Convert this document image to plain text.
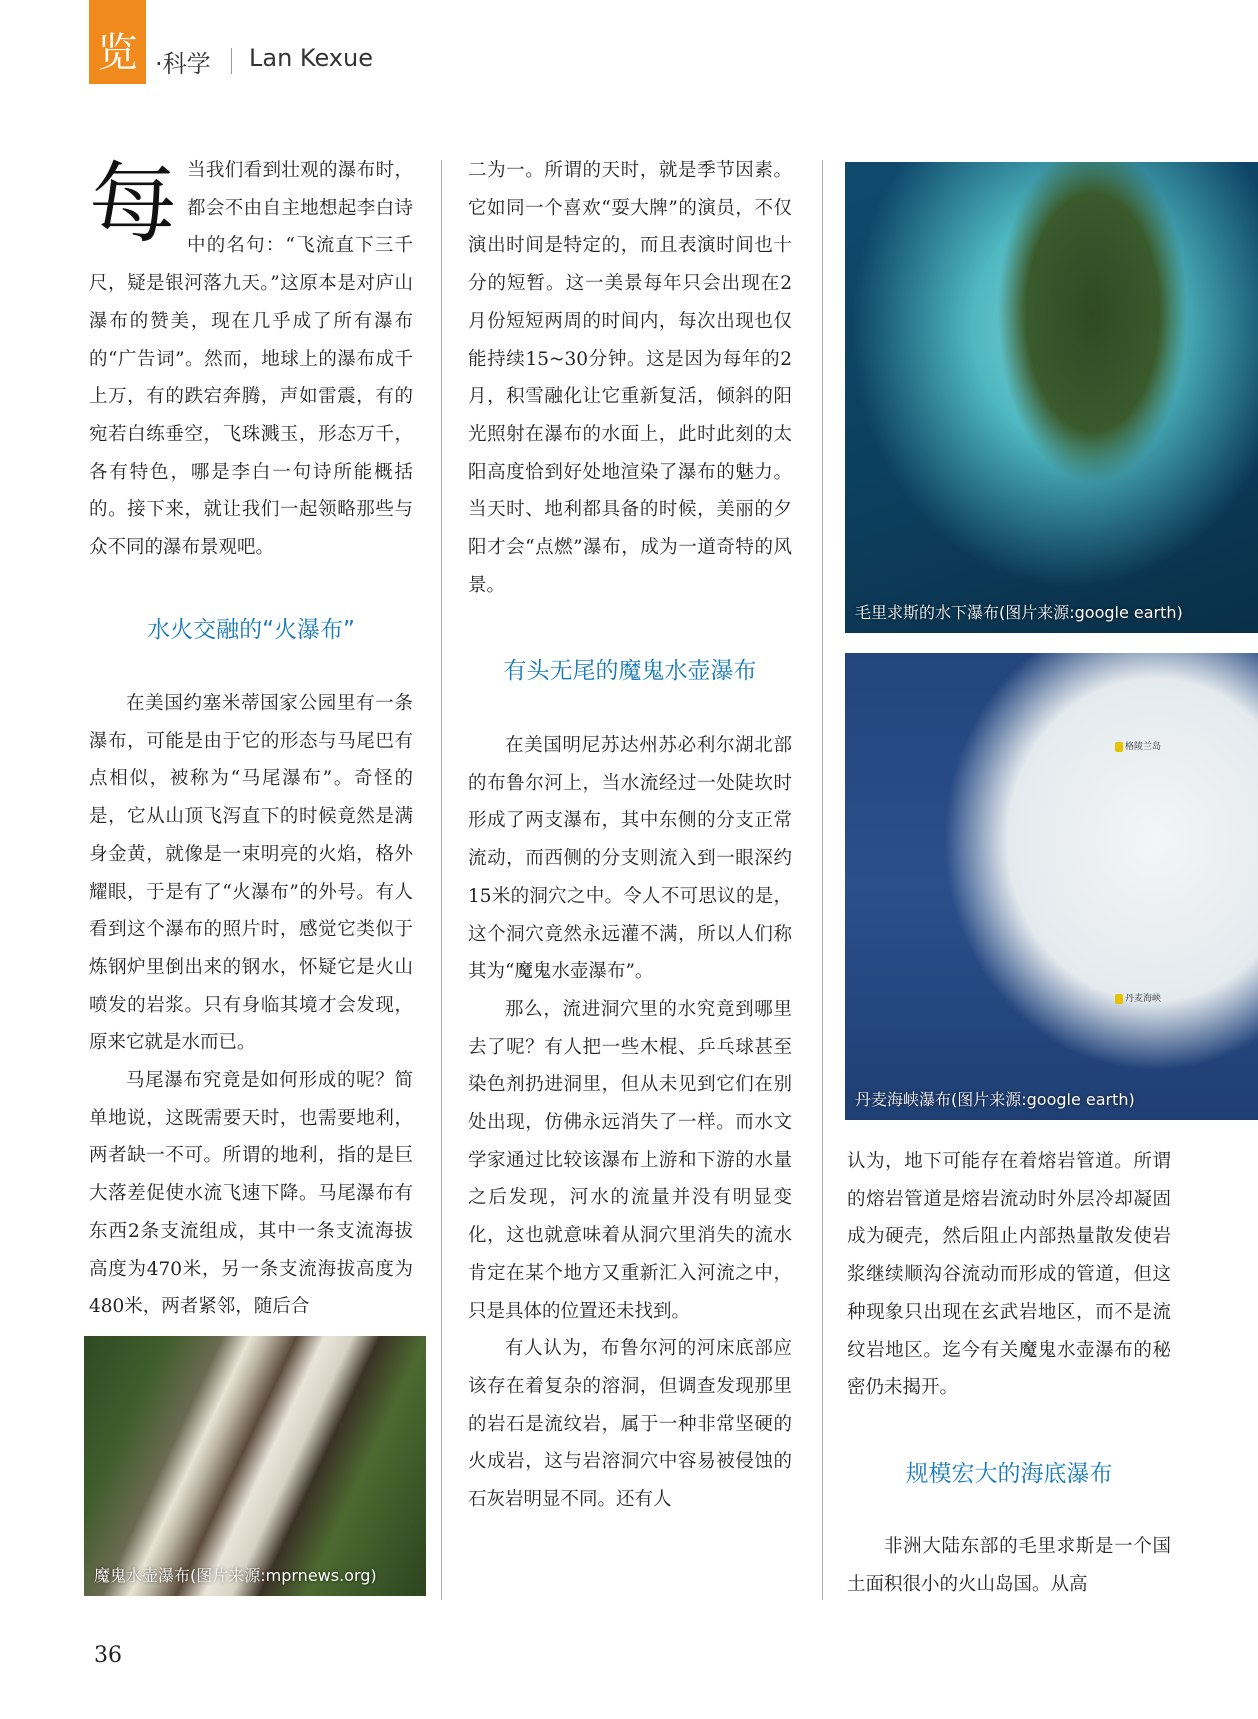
览 ·科学 Lan Kexue
每 当我们看到壮观的瀑布时，都会不由自主地想起李白诗中的名句：“飞流直下三千尺，疑是银河落九天。”这原本是对庐山瀑布的赞美，现在几乎成了所有瀑布的“广告词”。然而，地球上的瀑布成千上万，有的跌宕奔腾，声如雷震，有的宛若白练垂空，飞珠溅玉，形态万千，各有特色，哪是李白一句诗所能概括的。接下来，就让我们一起领略那些与众不同的瀑布景观吧。

水火交融的“火瀑布”

在美国约塞米蒂国家公园里有一条瀑布，可能是由于它的形态与马尾巴有点相似，被称为“马尾瀑布”。奇怪的是，它从山顶飞泻直下的时候竟然是满身金黄，就像是一束明亮的火焰，格外耀眼，于是有了“火瀑布”的外号。有人看到这个瀑布的照片时，感觉它类似于炼钢炉里倒出来的钢水，怀疑它是火山喷发的岩浆。只有身临其境才会发现，原来它就是水而已。

马尾瀑布究竟是如何形成的呢？简单地说，这既需要天时，也需要地利，两者缺一不可。所谓的地利，指的是巨大落差促使水流飞速下降。马尾瀑布有东西2条支流组成，其中一条支流海拔高度为470米，另一条支流海拔高度为480米，两者紧邻，随后合

魔鬼水壶瀑布(图片来源:mprnews.org)

二为一。所谓的天时，就是季节因素。它如同一个喜欢“耍大牌”的演员，不仅演出时间是特定的，而且表演时间也十分的短暂。这一美景每年只会出现在2月份短短两周的时间内，每次出现也仅能持续15~30分钟。这是因为每年的2月，积雪融化让它重新复活，倾斜的阳光照射在瀑布的水面上，此时此刻的太阳高度恰到好处地渲染了瀑布的魅力。当天时、地利都具备的时候，美丽的夕阳才会“点燃”瀑布，成为一道奇特的风景。

有头无尾的魔鬼水壶瀑布

在美国明尼苏达州苏必利尔湖北部的布鲁尔河上，当水流经过一处陡坎时形成了两支瀑布，其中东侧的分支正常流动，而西侧的分支则流入到一眼深约15米的洞穴之中。令人不可思议的是，这个洞穴竟然永远灌不满，所以人们称其为“魔鬼水壶瀑布”。

那么，流进洞穴里的水究竟到哪里去了呢？有人把一些木棍、乒乓球甚至染色剂扔进洞里，但从未见到它们在别处出现，仿佛永远消失了一样。而水文学家通过比较该瀑布上游和下游的水量之后发现，河水的流量并没有明显变化，这也就意味着从洞穴里消失的流水肯定在某个地方又重新汇入河流之中，只是具体的位置还未找到。

有人认为，布鲁尔河的河床底部应该存在着复杂的溶洞，但调查发现那里的岩石是流纹岩，属于一种非常坚硬的火成岩，这与岩溶洞穴中容易被侵蚀的石灰岩明显不同。还有人

毛里求斯的水下瀑布(图片来源:google earth)
格陵兰岛
丹麦海峡
丹麦海峡瀑布(图片来源:google earth)

认为，地下可能存在着熔岩管道。所谓的熔岩管道是熔岩流动时外层冷却凝固成为硬壳，然后阻止内部热量散发使岩浆继续顺沟谷流动而形成的管道，但这种现象只出现在玄武岩地区，而不是流纹岩地区。迄今有关魔鬼水壶瀑布的秘密仍未揭开。

规模宏大的海底瀑布

非洲大陆东部的毛里求斯是一个国土面积很小的火山岛国。从高

36
